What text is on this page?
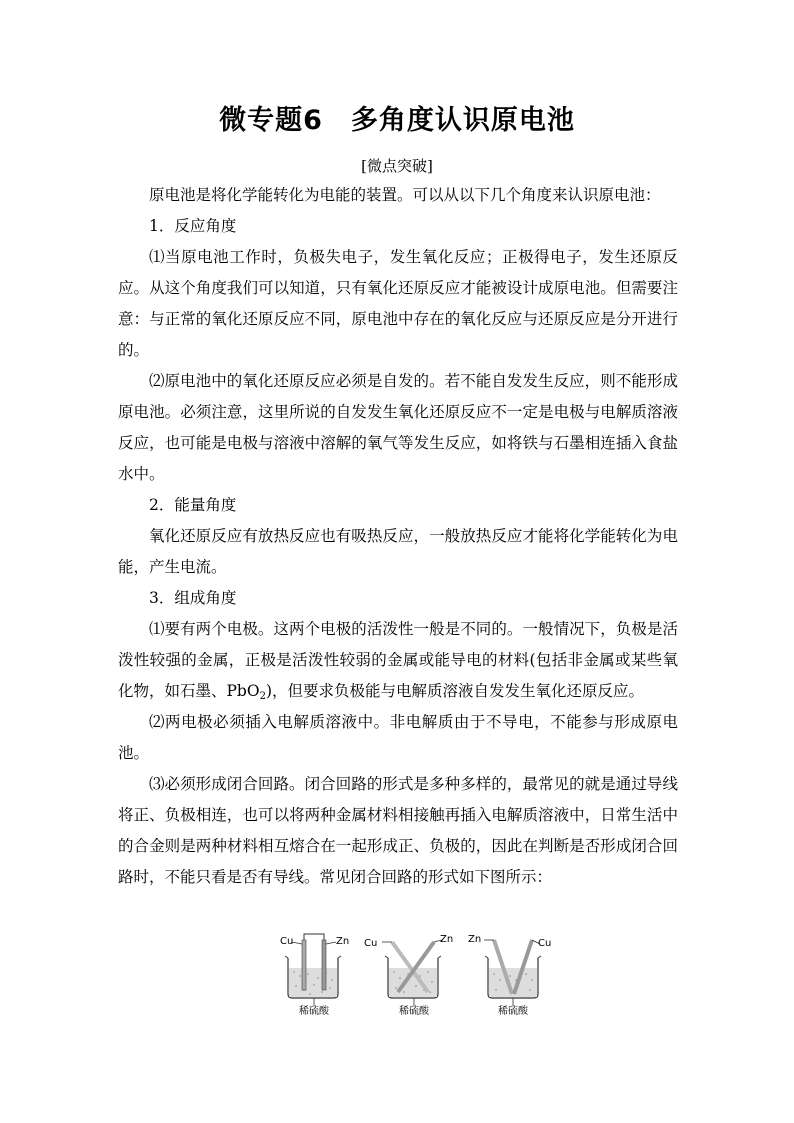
微专题6 多角度认识原电池
[微点突破]

原电池是将化学能转化为电能的装置。可以从以下几个角度来认识原电池：

1．反应角度

⑴当原电池工作时，负极失电子，发生氧化反应；正极得电子，发生还原反应。从这个角度我们可以知道，只有氧化还原反应才能被设计成原电池。但需要注意：与正常的氧化还原反应不同，原电池中存在的氧化反应与还原反应是分开进行的。

⑵原电池中的氧化还原反应必须是自发的。若不能自发发生反应，则不能形成原电池。必须注意，这里所说的自发发生氧化还原反应不一定是电极与电解质溶液反应，也可能是电极与溶液中溶解的氧气等发生反应，如将铁与石墨相连插入食盐水中。

2．能量角度

氧化还原反应有放热反应也有吸热反应，一般放热反应才能将化学能转化为电能，产生电流。

3．组成角度

⑴要有两个电极。这两个电极的活泼性一般是不同的。一般情况下，负极是活泼性较强的金属，正极是活泼性较弱的金属或能导电的材料(包括非金属或某些氧化物，如石墨、PbO$_2$)，但要求负极能与电解质溶液自发发生氧化还原反应。

⑵两电极必须插入电解质溶液中。非电解质由于不导电，不能参与形成原电池。

⑶必须形成闭合回路。闭合回路的形式是多种多样的，最常见的就是通过导线将正、负极相连，也可以将两种金属材料相接触再插入电解质溶液中，日常生活中的合金则是两种材料相互熔合在一起形成正、负极的，因此在判断是否形成闭合回路时，不能只看是否有导线。常见闭合回路的形式如下图所示：

Cu	Zn
稀硫酸
Cu	Zn
稀硫酸
Zn	Cu
稀硫酸
